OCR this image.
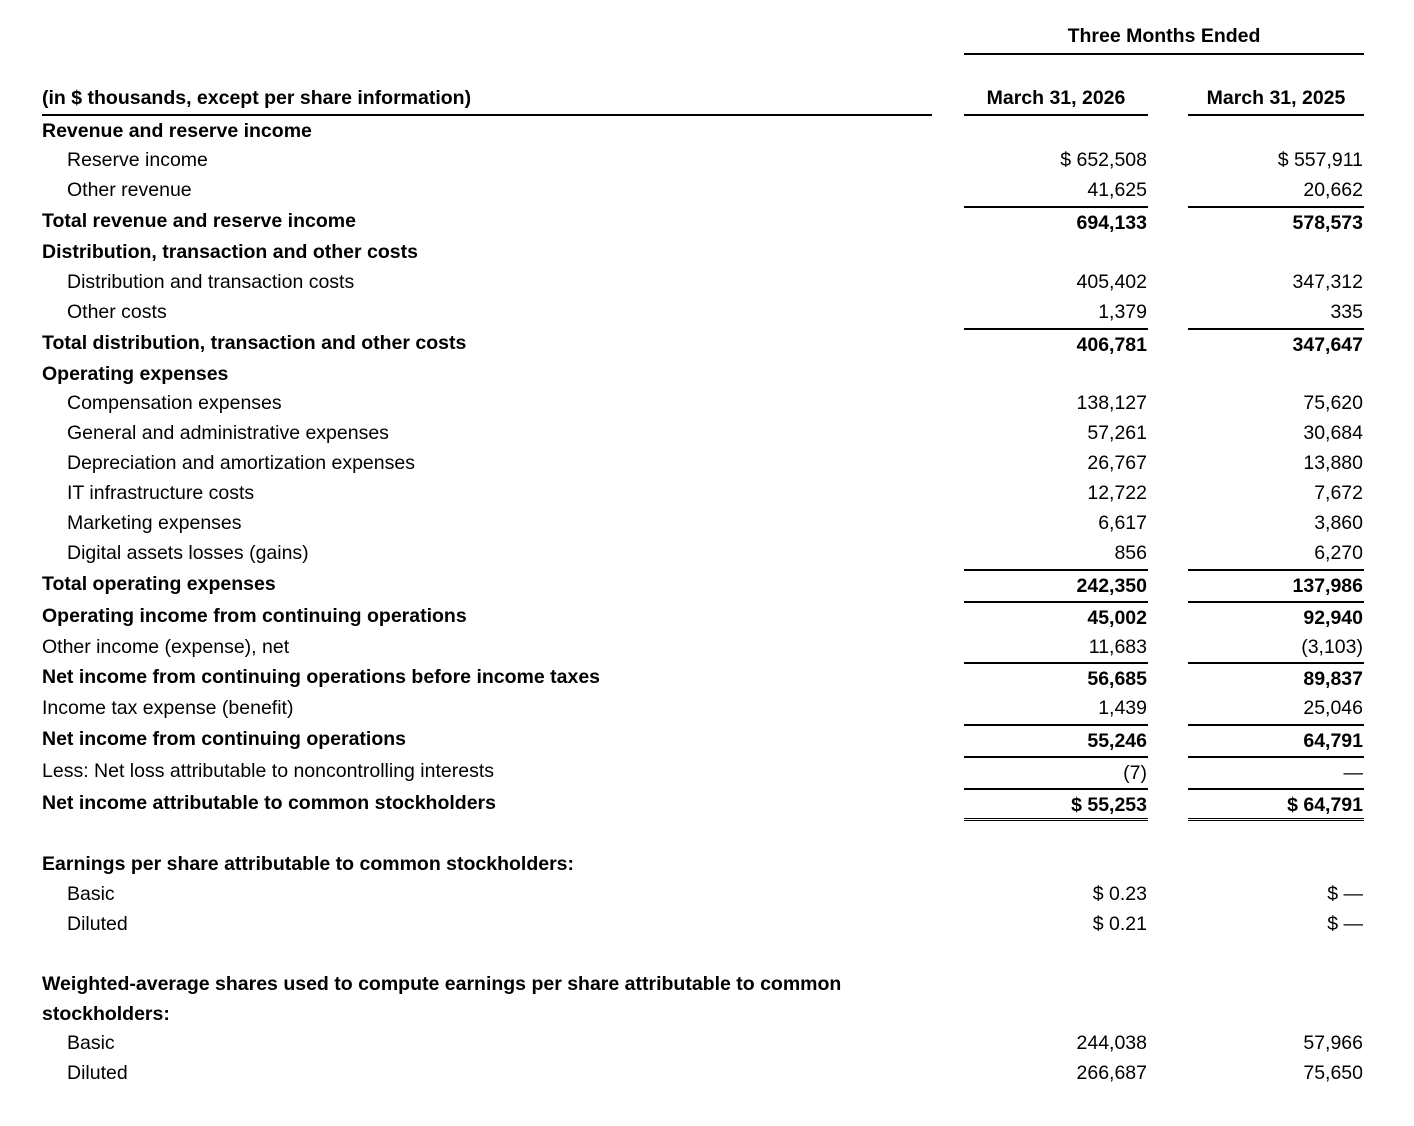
Three Months Ended
(in $ thousands, except per share information)	March 31, 2026	March 31, 2025
Revenue and reserve income
Reserve income	$ 652,508	$ 557,911
Other revenue	41,625	20,662
Total revenue and reserve income	694,133	578,573
Distribution, transaction and other costs
Distribution and transaction costs	405,402	347,312
Other costs	1,379	335
Total distribution, transaction and other costs	406,781	347,647
Operating expenses
Compensation expenses	138,127	75,620
General and administrative expenses	57,261	30,684
Depreciation and amortization expenses	26,767	13,880
IT infrastructure costs	12,722	7,672
Marketing expenses	6,617	3,860
Digital assets losses (gains)	856	6,270
Total operating expenses	242,350	137,986
Operating income from continuing operations	45,002	92,940
Other income (expense), net	11,683	(3,103)
Net income from continuing operations before income taxes	56,685	89,837
Income tax expense (benefit)	1,439	25,046
Net income from continuing operations	55,246	64,791
Less: Net loss attributable to noncontrolling interests	(7)	—
Net income attributable to common stockholders	$ 55,253	$ 64,791
Earnings per share attributable to common stockholders:
Basic	$ 0.23	$ —
Diluted	$ 0.21	$ —
Weighted-average shares used to compute earnings per share attributable to common
stockholders:
Basic	244,038	57,966
Diluted	266,687	75,650
